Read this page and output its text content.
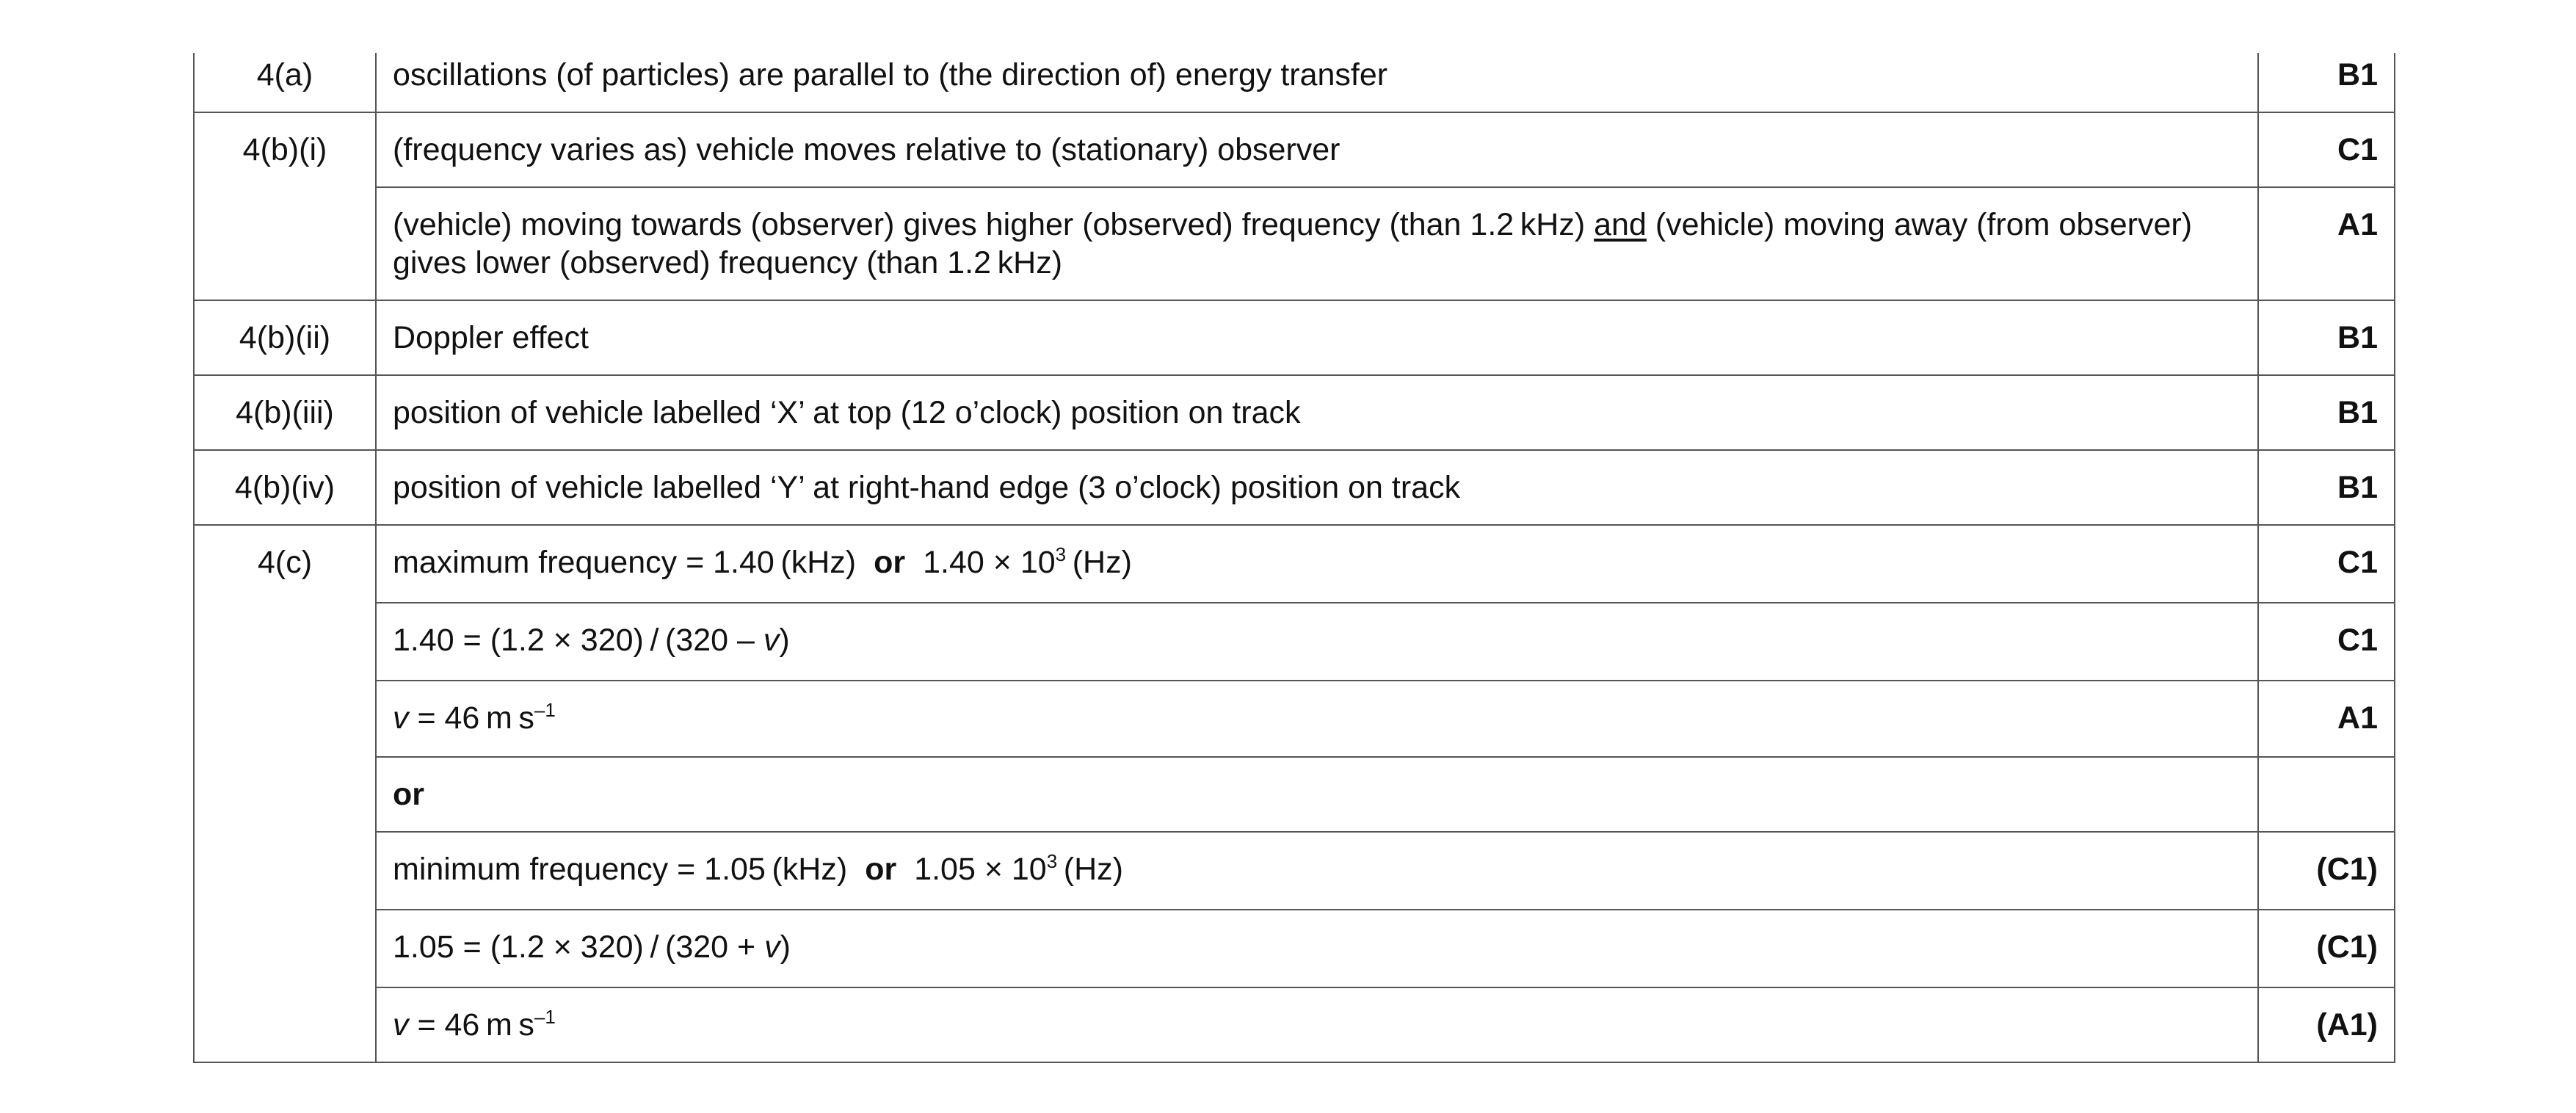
4(a)	oscillations (of particles) are parallel to (the direction of) energy transfer	B1
4(b)(i)	(frequency varies as) vehicle moves relative to (stationary) observer	C1
	(vehicle) moving towards (observer) gives higher (observed) frequency (than 1.2 kHz) and (vehicle) moving away (from observer) gives lower (observed) frequency (than 1.2 kHz)	A1
4(b)(ii)	Doppler effect	B1
4(b)(iii)	position of vehicle labelled ‘X’ at top (12 o’clock) position on track	B1
4(b)(iv)	position of vehicle labelled ‘Y’ at right-hand edge (3 o’clock) position on track	B1
4(c)	maximum frequency = 1.40 (kHz) or $1.40 \times 10^3$ (Hz)	C1
	1.40 = (1.2 × 320) / (320 – v)	C1
	v = 46 m $s^{-1}$	A1
	or	
	minimum frequency = 1.05 (kHz) or $1.05 \times 10^3$ (Hz)	(C1)
	1.05 = (1.2 × 320) / (320 + v)	(C1)
	v = 46 m $s^{-1}$	(A1)
